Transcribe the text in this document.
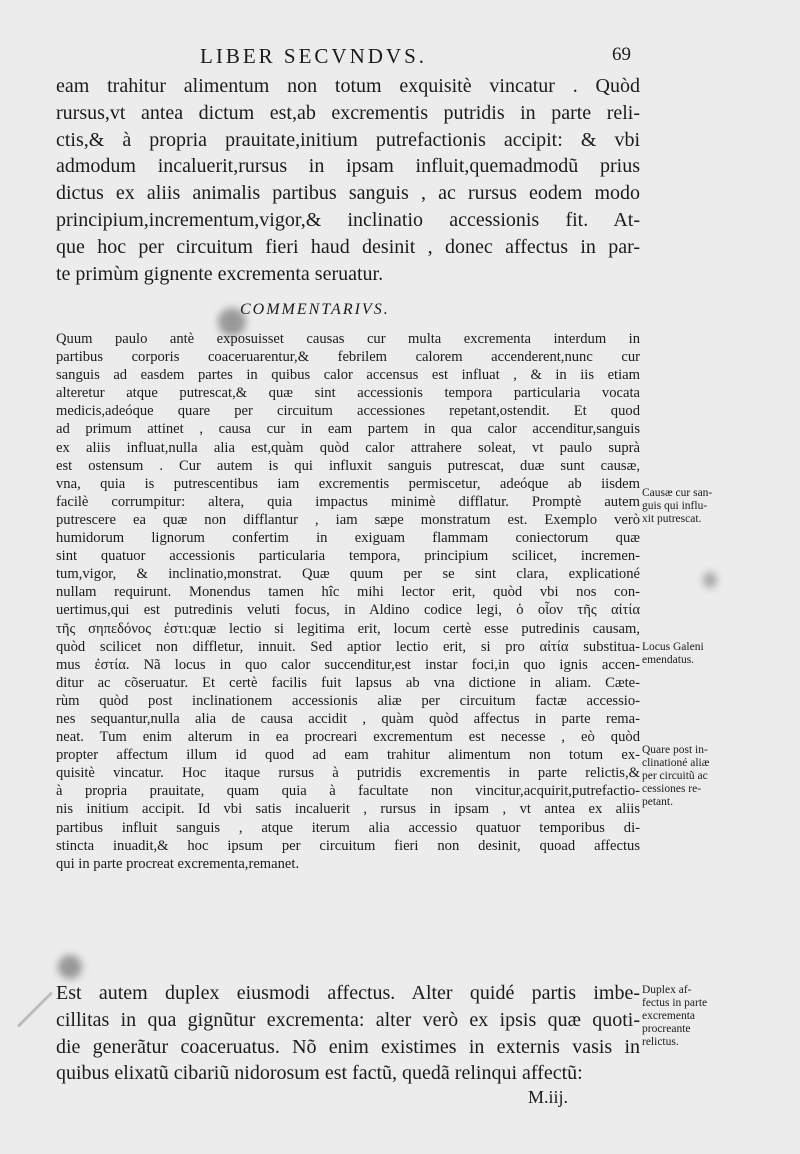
LIBER SECVNDVS.	69
eam trahitur alimentum non totum exquisitè vincatur . Quòd
rursus,vt antea dictum est,ab excrementis putridis in parte reli-
ctis,& à propria prauitate,initium putrefactionis accipit: & vbi
admodum incaluerit,rursus in ipsam influit,quemadmodũ prius
dictus ex aliis animalis partibus sanguis , ac rursus eodem modo
principium,incrementum,vigor,& inclinatio accessionis fit. At-
que hoc per circuitum fieri haud desinit , donec affectus in par-
te primùm gignente excrementa seruatur.
COMMENTARIVS.
Quum paulo antè exposuisset causas cur multa excrementa interdum in
partibus corporis coaceruarentur,& febrilem calorem accenderent,nunc cur
sanguis ad easdem partes in quibus calor accensus est influat , & in iis etiam
alteretur atque putrescat,& quæ sint accessionis tempora particularia vocata
medicis,adeóque quare per circuitum accessiones repetant,ostendit. Et quod
ad primum attinet , causa cur in eam partem in qua calor accenditur,sanguis
ex aliis influat,nulla alia est,quàm quòd calor attrahere soleat, vt paulo suprà
est ostensum . Cur autem is qui influxit sanguis putrescat, duæ sunt causæ,
vna, quia is putrescentibus iam excrementis permiscetur, adeóque ab iisdem
facilè corrumpitur: altera, quia impactus minimè difflatur. Promptè autem
putrescere ea quæ non difflantur , iam sæpe monstratum est. Exemplo verò
humidorum lignorum confertim in exiguam flammam coniectorum quæ
sint quatuor accessionis particularia tempora, principium scilicet, incremen-
tum,vigor, & inclinatio,monstrat. Quæ quum per se sint clara, explicationé
nullam requirunt. Monendus tamen hîc mihi lector erit, quòd vbi nos con-
uertimus,qui est putredinis veluti focus, in Aldino codice legi, ὁ οἷον τῆς αἰτία
τῆς σηπεδόνος ἐστι:quæ lectio si legitima erit, locum certè esse putredinis causam,
quòd scilicet non diffletur, innuit. Sed aptior lectio erit, si pro αἰτία substitua-
mus ἐστία. Nã locus in quo calor succenditur,est instar foci,in quo ignis accen-
ditur ac cõseruatur. Et certè facilis fuit lapsus ab vna dictione in aliam. Cæte-
rùm quòd post inclinationem accessionis aliæ per circuitum factæ accessio-
nes sequantur,nulla alia de causa accidit , quàm quòd affectus in parte rema-
neat. Tum enim alterum in ea procreari excrementum est necesse , eò quòd
propter affectum illum id quod ad eam trahitur alimentum non totum ex-
quisitè vincatur. Hoc itaque rursus à putridis excrementis in parte relictis,&
à propria prauitate, quam quia à facultate non vincitur,acquirit,putrefactio-
nis initium accipit. Id vbi satis incaluerit , rursus in ipsam , vt antea ex aliis
partibus influit sanguis , atque iterum alia accessio quatuor temporibus di-
stincta inuadit,& hoc ipsum per circuitum fieri non desinit, quoad affectus
qui in parte procreat excrementa,remanet.
Est autem duplex eiusmodi affectus. Alter quidé partis imbe-
cillitas in qua gignũtur excrementa: alter verò ex ipsis quæ quoti-
die generãtur coaceruatus. Nõ enim existimes in externis vasis in
quibus elixatũ cibariũ nidorosum est factũ, quedã relinqui affectũ:
Causæ cur san-
guis qui influ-
xit putrescat.
Locus Galeni
emendatus.
Quare post in-
clinationé aliæ
per circuitũ ac
cessiones re-
petant.
Duplex af-
fectus in parte
excrementa
procreante
relictus.
M.iij.
